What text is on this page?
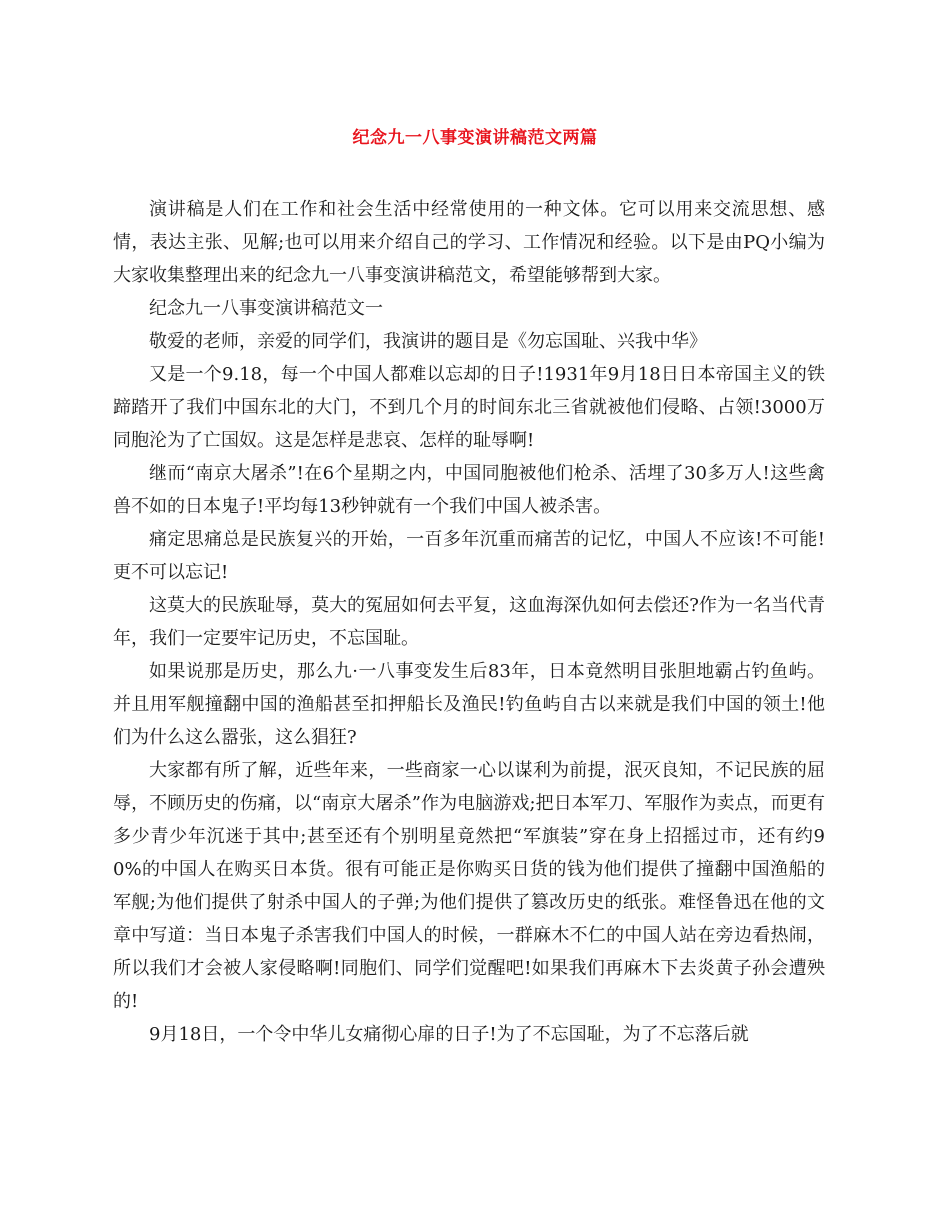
纪念九一八事变演讲稿范文两篇

演讲稿是人们在工作和社会生活中经常使用的一种文体。它可以用来交流思想、感情，表达主张、见解;也可以用来介绍自己的学习、工作情况和经验。以下是由PQ小编为大家收集整理出来的纪念九一八事变演讲稿范文，希望能够帮到大家。

纪念九一八事变演讲稿范文一

敬爱的老师，亲爱的同学们，我演讲的题目是《勿忘国耻、兴我中华》

又是一个9.18，每一个中国人都难以忘却的日子!1931年9月18日日本帝国主义的铁蹄踏开了我们中国东北的大门，不到几个月的时间东北三省就被他们侵略、占领!3000万同胞沦为了亡国奴。这是怎样是悲哀、怎样的耻辱啊!

继而“南京大屠杀”!在6个星期之内，中国同胞被他们枪杀、活埋了30多万人!这些禽兽不如的日本鬼子!平均每13秒钟就有一个我们中国人被杀害。

痛定思痛总是民族复兴的开始，一百多年沉重而痛苦的记忆，中国人不应该!不可能!更不可以忘记!

这莫大的民族耻辱，莫大的冤屈如何去平复，这血海深仇如何去偿还?作为一名当代青年，我们一定要牢记历史，不忘国耻。

如果说那是历史，那么九·一八事变发生后83年，日本竟然明目张胆地霸占钓鱼屿。并且用军舰撞翻中国的渔船甚至扣押船长及渔民!钓鱼屿自古以来就是我们中国的领土!他们为什么这么嚣张，这么猖狂?

大家都有所了解，近些年来，一些商家一心以谋利为前提，泯灭良知，不记民族的屈辱，不顾历史的伤痛，以“南京大屠杀”作为电脑游戏;把日本军刀、军服作为卖点，而更有多少青少年沉迷于其中;甚至还有个别明星竟然把“军旗装”穿在身上招摇过市，还有约90%的中国人在购买日本货。很有可能正是你购买日货的钱为他们提供了撞翻中国渔船的军舰;为他们提供了射杀中国人的子弹;为他们提供了篡改历史的纸张。难怪鲁迅在他的文章中写道：当日本鬼子杀害我们中国人的时候，一群麻木不仁的中国人站在旁边看热闹，所以我们才会被人家侵略啊!同胞们、同学们觉醒吧!如果我们再麻木下去炎黄子孙会遭殃的!

9月18日，一个令中华儿女痛彻心扉的日子!为了不忘国耻，为了不忘落后就
